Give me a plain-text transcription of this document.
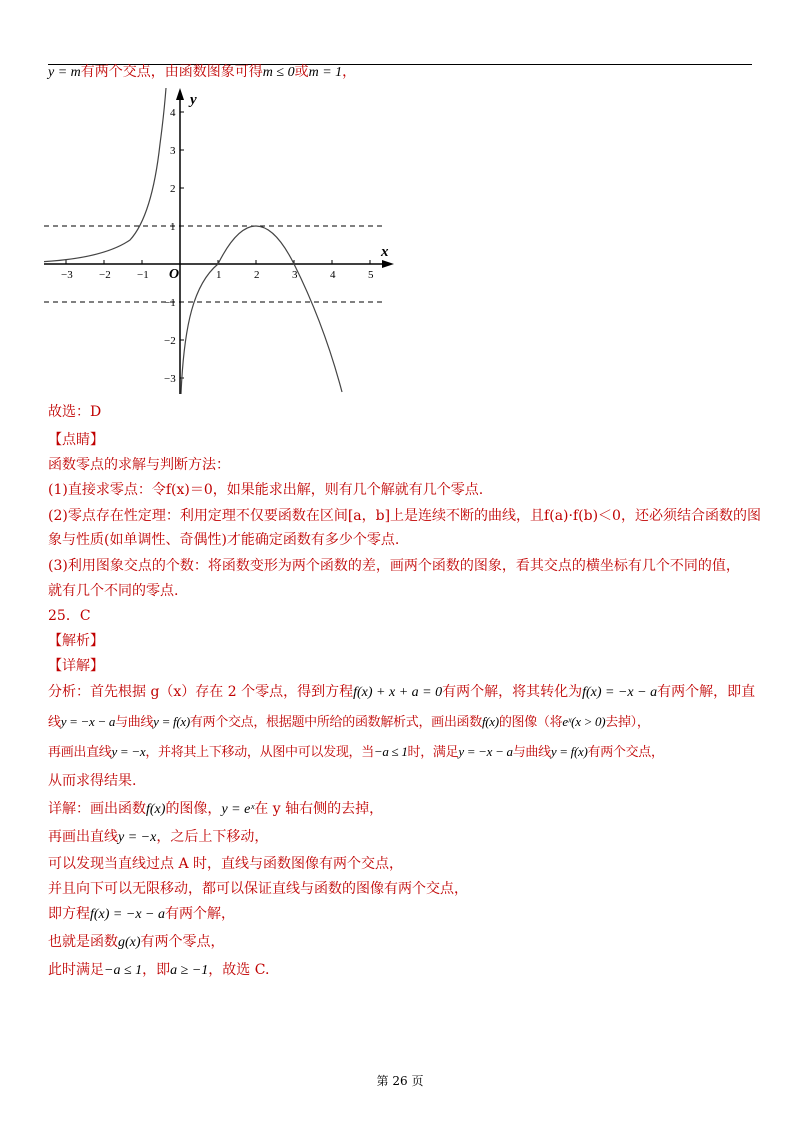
y = m有两个交点，由函数图象可得m ≤ 0或m = 1，
−3 −2 −1	1	2	3	4	5
4
3
2
1
−1
−2
−3
O
x
y
故选：D
【点睛】
函数零点的求解与判断方法：
(1)直接求零点：令f(x)＝0，如果能求出解，则有几个解就有几个零点.
(2)零点存在性定理：利用定理不仅要函数在区间[a，b]上是连续不断的曲线，且f(a)·f(b)＜0，还必须结合函数的图
象与性质(如单调性、奇偶性)才能确定函数有多少个零点.
(3)利用图象交点的个数：将函数变形为两个函数的差，画两个函数的图象，看其交点的横坐标有几个不同的值，
就有几个不同的零点.
25．C
【解析】
【详解】
分析：首先根据 g（x）存在 2 个零点，得到方程f(x) + x + a = 0有两个解，将其转化为f(x) = −x − a有两个解，即直
线y = −x − a与曲线y = f(x)有两个交点，根据题中所给的函数解析式，画出函数f(x)的图像（将eˣ(x > 0)去掉），
再画出直线y = −x，并将其上下移动，从图中可以发现，当−a ≤ 1时，满足y = −x − a与曲线y = f(x)有两个交点，
从而求得结果.
详解：画出函数f(x)的图像，y = eˣ在 y 轴右侧的去掉，
再画出直线y = −x，之后上下移动，
可以发现当直线过点 A 时，直线与函数图像有两个交点，
并且向下可以无限移动，都可以保证直线与函数的图像有两个交点，
即方程f(x) = −x − a有两个解，
也就是函数g(x)有两个零点，
此时满足−a ≤ 1，即a ≥ −1，故选 C.
第 26 页
